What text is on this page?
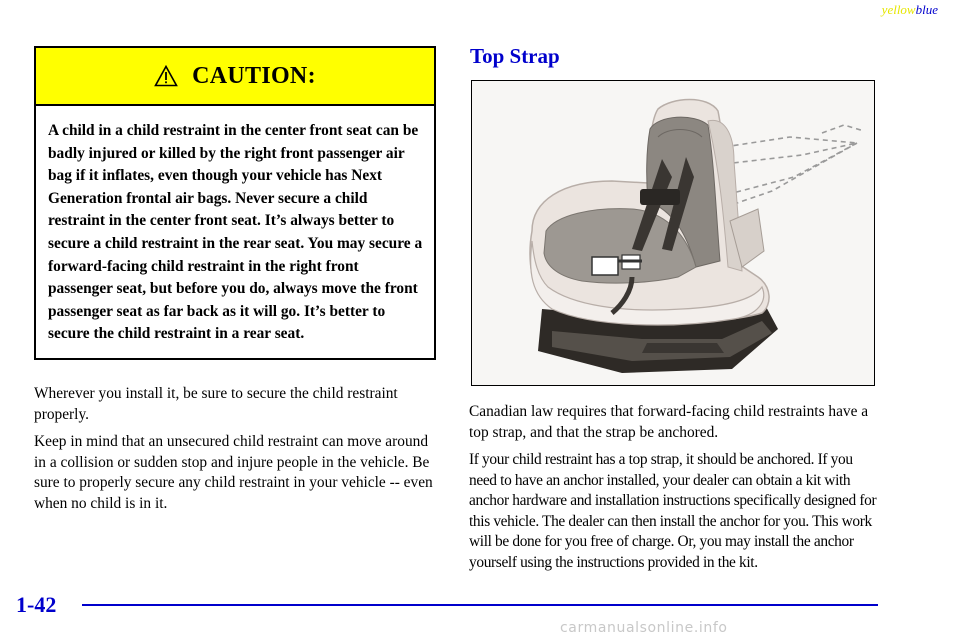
yellowblue
CAUTION:
A child in a child restraint in the center front seat can be badly injured or killed by the right front passenger air bag if it inflates, even though your vehicle has Next Generation frontal air bags. Never secure a child restraint in the center front seat. It’s always better to secure a child restraint in the rear seat. You may secure a forward-facing child restraint in the right front passenger seat, but before you do, always move the front passenger seat as far back as it will go. It’s better to secure the child restraint in a rear seat.
Wherever you install it, be sure to secure the child restraint properly.
Keep in mind that an unsecured child restraint can move around in a collision or sudden stop and injure people in the vehicle. Be sure to properly secure any child restraint in your vehicle -- even when no child is in it.
Top Strap
Canadian law requires that forward-facing child restraints have a top strap, and that the strap be anchored.
If your child restraint has a top strap, it should be anchored. If you need to have an anchor installed, your dealer can obtain a kit with anchor hardware and installation instructions specifically designed for this vehicle. The dealer can then install the anchor for you. This work will be done for you free of charge. Or, you may install the anchor yourself using the instructions provided in the kit.
1-42
carmanualsonline.info
